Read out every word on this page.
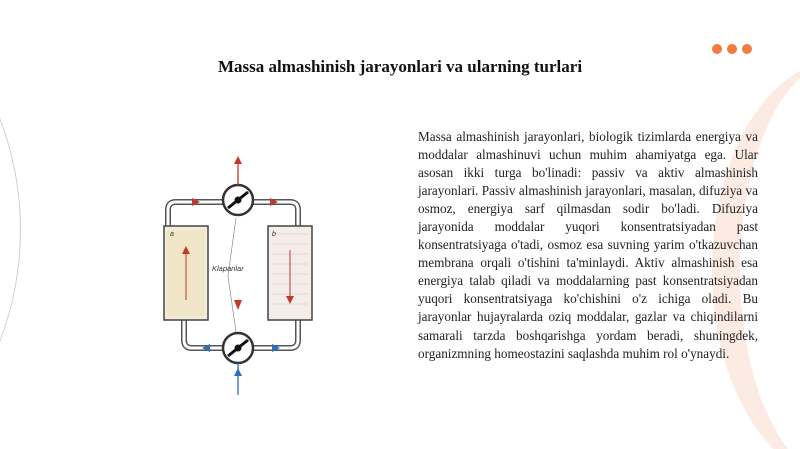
Massa almashinish jarayonlari va ularning turlari
Klapanlar
a	b

Massa almashinish jarayonlari, biologik tizimlarda energiya va moddalar almashinuvi uchun muhim ahamiyatga ega. Ular asosan ikki turga bo'linadi: passiv va aktiv almashinish jarayonlari. Passiv almashinish jarayonlari, masalan, difuziya va osmoz, energiya sarf qilmasdan sodir bo'ladi. Difuziya jarayonida moddalar yuqori konsentratsiyadan past konsentratsiyaga o'tadi, osmoz esa suvning yarim o'tkazuvchan membrana orqali o'tishini ta'minlaydi. Aktiv almashinish esa energiya talab qiladi va moddalarning past konsentratsiyadan yuqori konsentratsiyaga ko'chishini o'z ichiga oladi. Bu jarayonlar hujayralarda oziq moddalar, gazlar va chiqindilarni samarali tarzda boshqarishga yordam beradi, shuningdek, organizmning homeostazini saqlashda muhim rol o'ynaydi.
